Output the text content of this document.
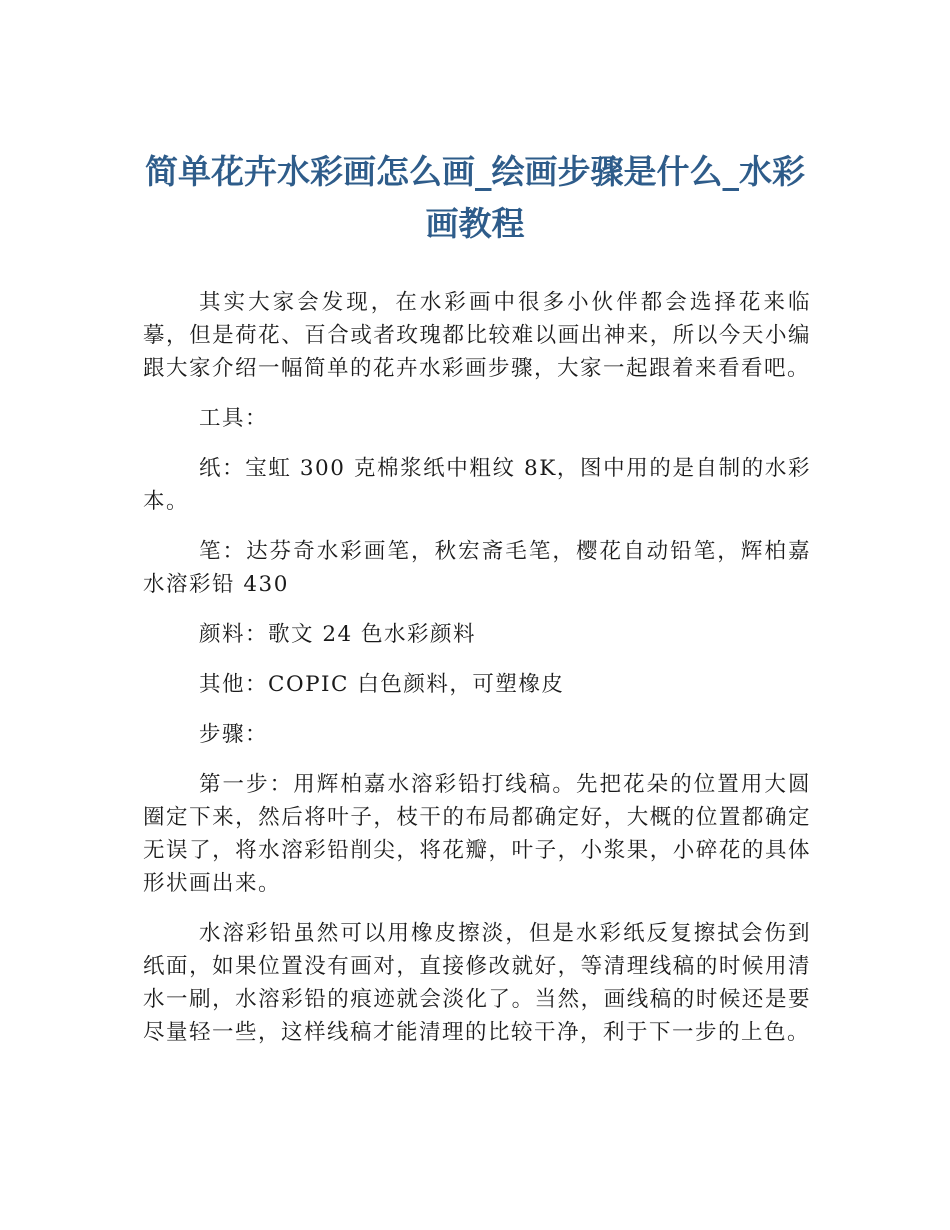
简单花卉水彩画怎么画_绘画步骤是什么_水彩画教程

其实大家会发现，在水彩画中很多小伙伴都会选择花来临摹，但是荷花、百合或者玫瑰都比较难以画出神来，所以今天小编跟大家介绍一幅简单的花卉水彩画步骤，大家一起跟着来看看吧。

工具：

纸：宝虹 300 克棉浆纸中粗纹 8K，图中用的是自制的水彩本。

笔：达芬奇水彩画笔，秋宏斋毛笔，樱花自动铅笔，辉柏嘉水溶彩铅 430

颜料：歌文 24 色水彩颜料

其他：COPIC 白色颜料，可塑橡皮

步骤：

第一步：用辉柏嘉水溶彩铅打线稿。先把花朵的位置用大圆圈定下来，然后将叶子，枝干的布局都确定好，大概的位置都确定无误了，将水溶彩铅削尖，将花瓣，叶子，小浆果，小碎花的具体形状画出来。

水溶彩铅虽然可以用橡皮擦淡，但是水彩纸反复擦拭会伤到纸面，如果位置没有画对，直接修改就好，等清理线稿的时候用清水一刷，水溶彩铅的痕迹就会淡化了。当然，画线稿的时候还是要尽量轻一些，这样线稿才能清理的比较干净，利于下一步的上色。
